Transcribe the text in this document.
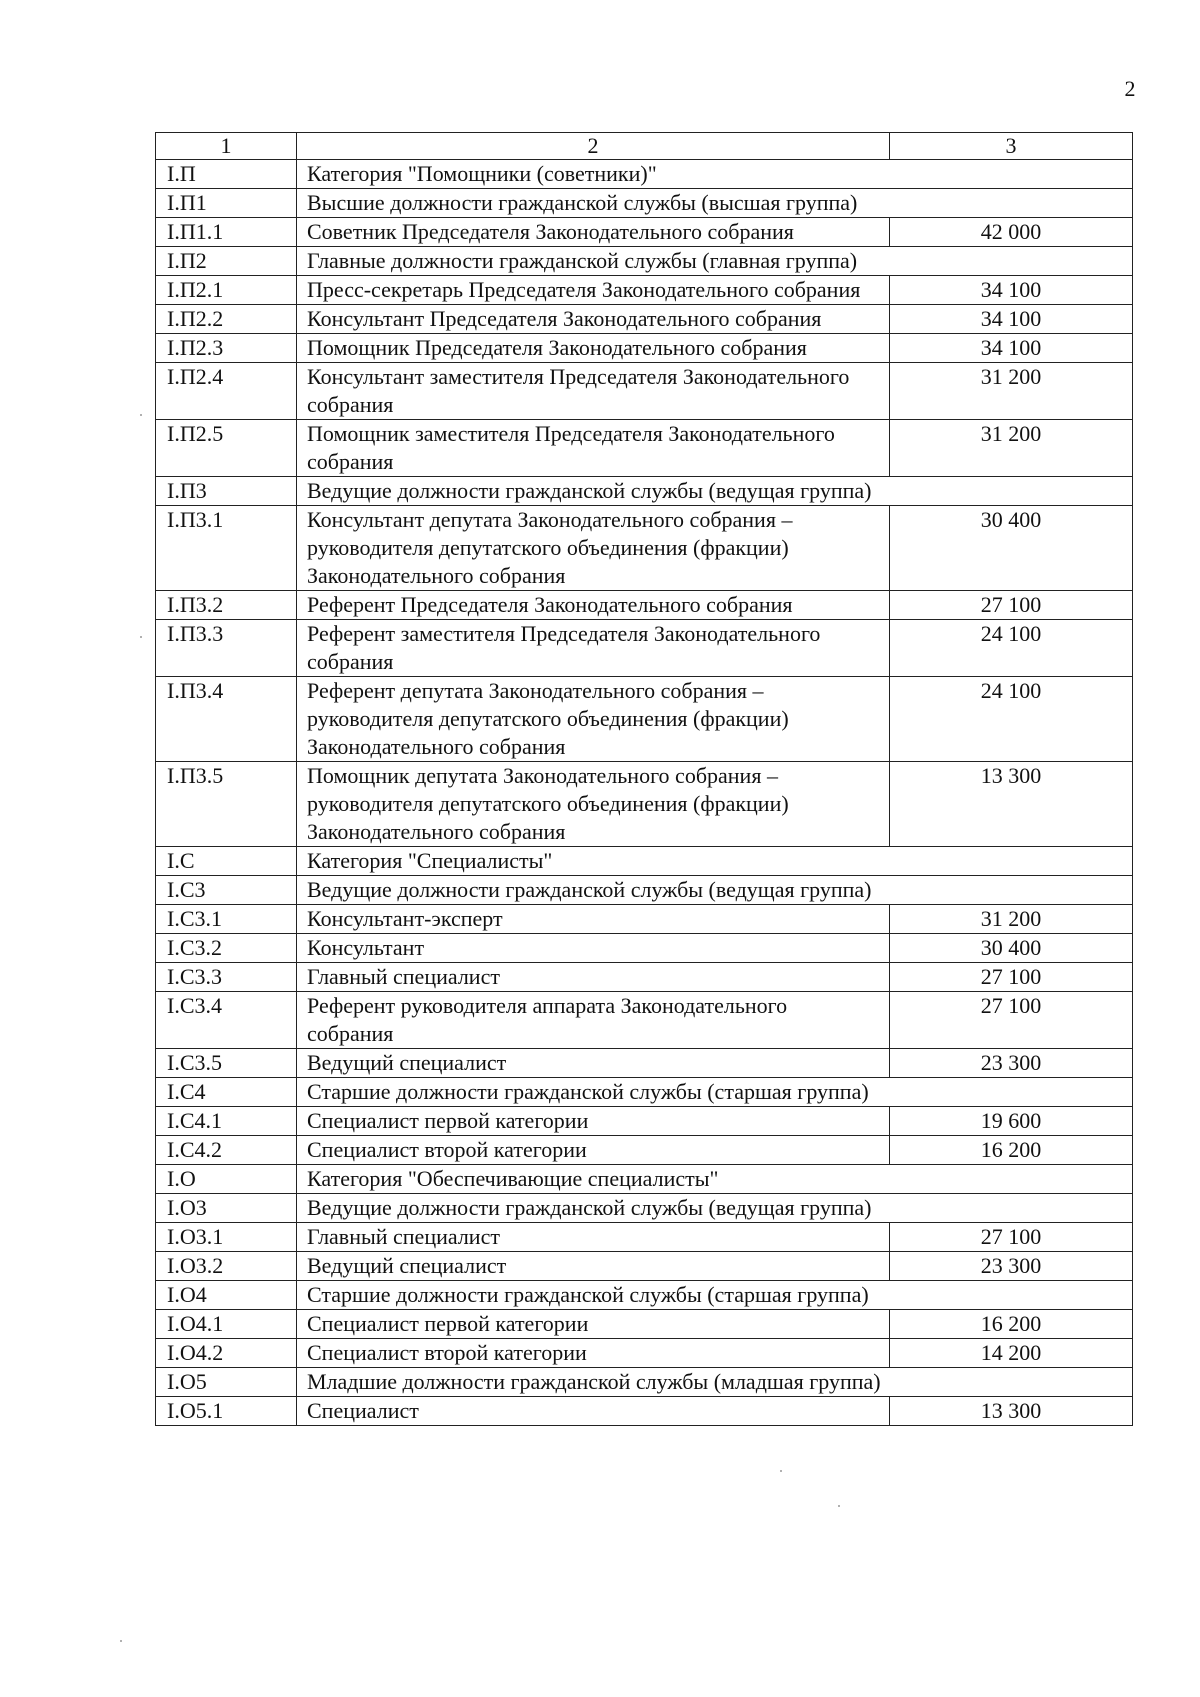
2
1	2	3
I.П	Категория "Помощники (советники)"	
I.П1	Высшие должности гражданской службы (высшая группа)	
I.П1.1	Советник Председателя Законодательного собрания	42 000
I.П2	Главные должности гражданской службы (главная группа)	
I.П2.1	Пресс-секретарь Председателя Законодательного собрания	34 100
I.П2.2	Консультант Председателя Законодательного собрания	34 100
I.П2.3	Помощник Председателя Законодательного собрания	34 100
I.П2.4	Консультант заместителя Председателя Законодательного собрания	31 200
I.П2.5	Помощник заместителя Председателя Законодательного собрания	31 200
I.П3	Ведущие должности гражданской службы (ведущая группа)	
I.П3.1	Консультант депутата Законодательного собрания – руководителя депутатского объединения (фракции) Законодательного собрания	30 400
I.П3.2	Референт Председателя Законодательного собрания	27 100
I.П3.3	Референт заместителя Председателя Законодательного собрания	24 100
I.П3.4	Референт депутата Законодательного собрания – руководителя депутатского объединения (фракции) Законодательного собрания	24 100
I.П3.5	Помощник депутата Законодательного собрания – руководителя депутатского объединения (фракции) Законодательного собрания	13 300
I.С	Категория "Специалисты"	
I.С3	Ведущие должности гражданской службы (ведущая группа)	
I.С3.1	Консультант-эксперт	31 200
I.С3.2	Консультант	30 400
I.С3.3	Главный специалист	27 100
I.С3.4	Референт руководителя аппарата Законодательного собрания	27 100
I.С3.5	Ведущий специалист	23 300
I.С4	Старшие должности гражданской службы (старшая группа)	
I.С4.1	Специалист первой категории	19 600
I.С4.2	Специалист второй категории	16 200
I.О	Категория "Обеспечивающие специалисты"	
I.О3	Ведущие должности гражданской службы (ведущая группа)	
I.О3.1	Главный специалист	27 100
I.О3.2	Ведущий специалист	23 300
I.О4	Старшие должности гражданской службы (старшая группа)	
I.О4.1	Специалист первой категории	16 200
I.О4.2	Специалист второй категории	14 200
I.О5	Младшие должности гражданской службы (младшая группа)	
I.О5.1	Специалист	13 300
